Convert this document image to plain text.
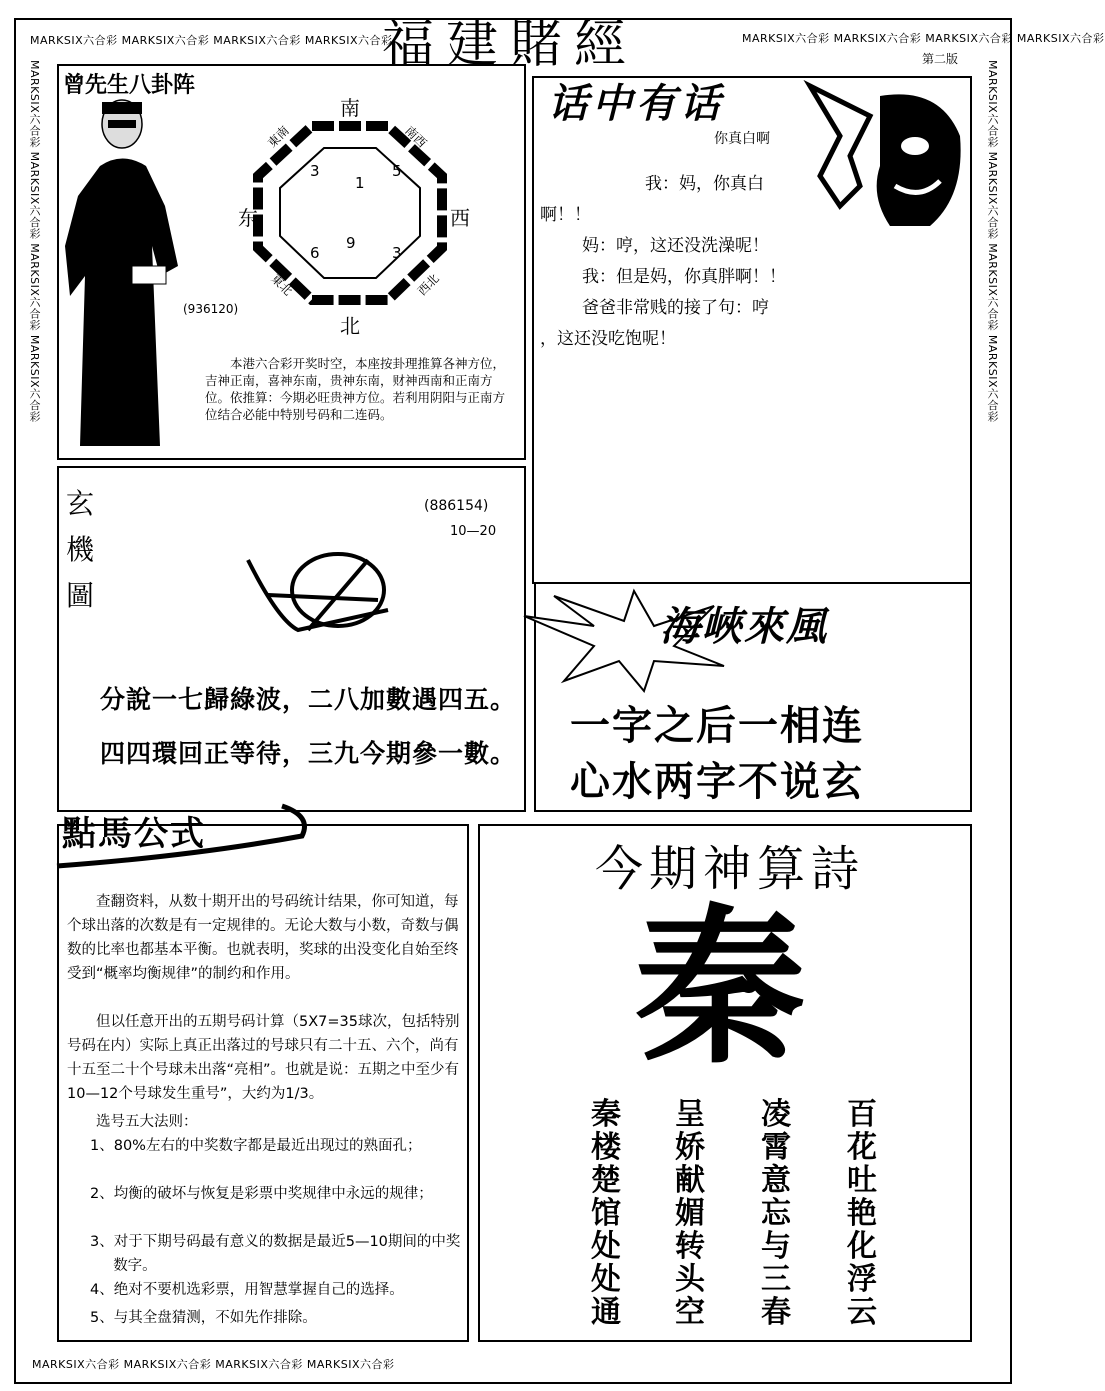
MARKSIX六合彩 MARKSIX六合彩 MARKSIX六合彩 MARKSIX六合彩	MARKSIX六合彩 MARKSIX六合彩 MARKSIX六合彩 MARKSIX六合彩
第二版
MARKSIX六合彩 MARKSIX六合彩 MARKSIX六合彩 MARKSIX六合彩
MARKSIX六合彩 MARKSIX六合彩 MARKSIX六合彩 MARKSIX六合彩	MARKSIX六合彩 MARKSIX六合彩 MARKSIX六合彩 MARKSIX六合彩
福建賭經
曾先生八卦阵
(936120)
南
北
东	西
東南	南西
東北	西北
3
1
5
6
9
3
本港六合彩开奖时空，本座按卦理推算各神方位，吉神正南，喜神东南，贵神东南，财神西南和正南方位。依推算：今期必旺贵神方位。若利用阴阳与正南方位结合必能中特别号码和二连码。
话中有话
你真白啊
我：妈，你真白
啊！！
妈：哼，这还没洗澡呢！
我：但是妈，你真胖啊！！
爸爸非常贱的接了句：哼
，这还没吃饱呢！
玄
機
圖
(886154)
10—20
分說一七歸綠波，二八加數遇四五。
四四環回正等待，三九今期參一數。
海峽來風
一字之后一相连
心水两字不说玄
點馬公式
查翻资料，从数十期开出的号码统计结果，你可知道，每个球出落的次数是有一定规律的。无论大数与小数，奇数与偶数的比率也都基本平衡。也就表明，奖球的出没变化自始至终受到“概率均衡规律”的制约和作用。
但以任意开出的五期号码计算（5X7=35球次，包括特别号码在内）实际上真正出落过的号球只有二十五、六个，尚有十五至二十个号球未出落“亮相”。也就是说：五期之中至少有10—12个号球发生重号”，大约为1/3。
选号五大法则：
1、80%左右的中奖数字都是最近出现过的熟面孔；
2、均衡的破坏与恢复是彩票中奖规律中永远的规律；
3、对于下期号码最有意义的数据是最近5—10期间的中奖数字。
4、绝对不要机选彩票，用智慧掌握自己的选择。
5、与其全盘猜测，不如先作排除。
今期神算詩
秦
秦
楼
楚
馆
处
处
通
呈
娇
献
媚
转
头
空
凌
霄
意
忘
与
三
春
百
花
吐
艳
化
浮
云
